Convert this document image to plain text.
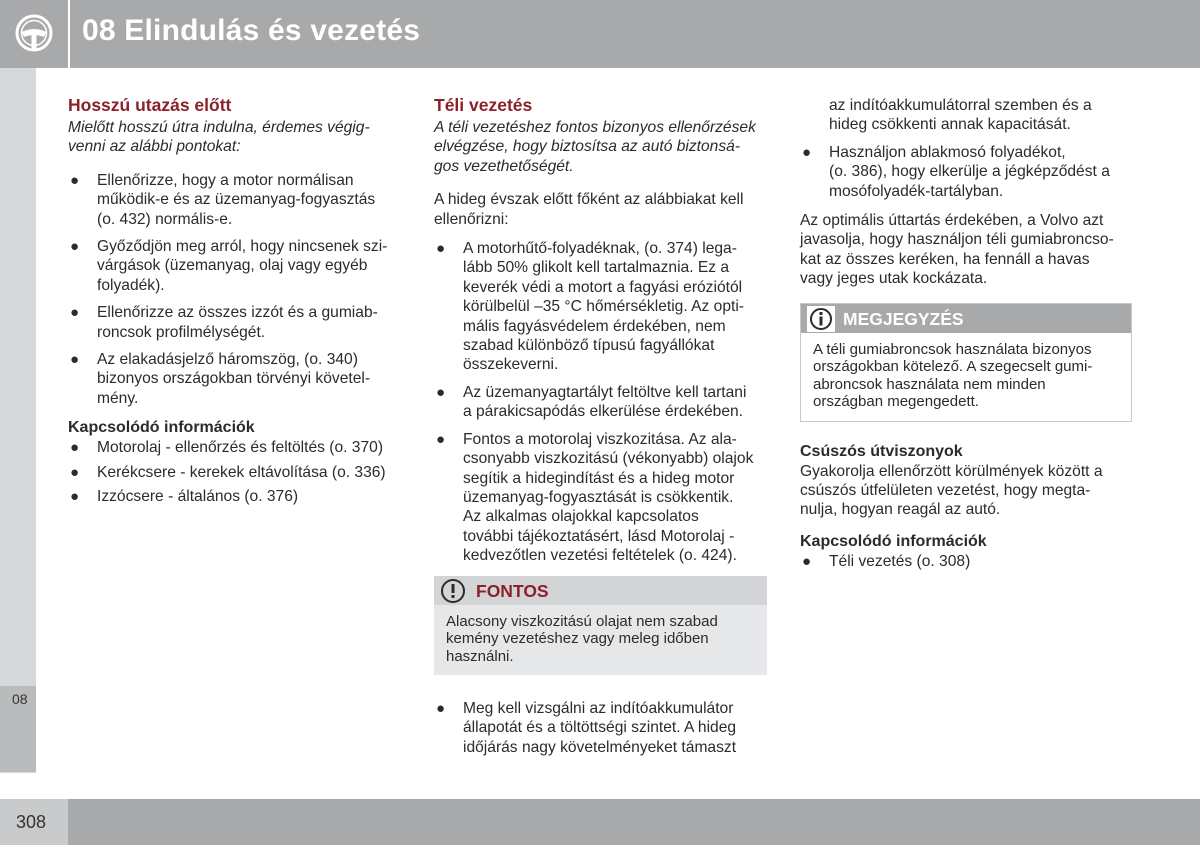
08 Elindulás és vezetés
08
308
Hosszú utazás előtt
Mielőtt hosszú útra indulna, érdemes végig-
venni az alábbi pontokat:
● Ellenőrizze, hogy a motor normálisan
működik-e és az üzemanyag-fogyasztás
(o. 432) normális-e.
● Győződjön meg arról, hogy nincsenek szi-
várgások (üzemanyag, olaj vagy egyéb
folyadék).
● Ellenőrizze az összes izzót és a gumiab-
roncsok profilmélységét.
● Az elakadásjelző háromszög, (o. 340)
bizonyos országokban törvényi követel-
mény.
Kapcsolódó információk
● Motorolaj - ellenőrzés és feltöltés (o. 370)
● Kerékcsere - kerekek eltávolítása (o. 336)
● Izzócsere - általános (o. 376)
Téli vezetés
A téli vezetéshez fontos bizonyos ellenőrzések
elvégzése, hogy biztosítsa az autó biztonsá-
gos vezethetőségét.

A hideg évszak előtt főként az alábbiakat kell
ellenőrizni:

● A motorhűtő-folyadéknak, (o. 374) lega-
lább 50% glikolt kell tartalmaznia. Ez a
keverék védi a motort a fagyási eróziótól
körülbelül –35 °C hőmérsékletig. Az opti-
mális fagyásvédelem érdekében, nem
szabad különböző típusú fagyállókat
összekeverni.
● Az üzemanyagtartályt feltöltve kell tartani
a párakicsapódás elkerülése érdekében.
● Fontos a motorolaj viszkozitása. Az ala-
csonyabb viszkozitású (vékonyabb) olajok
segítik a hidegindítást és a hideg motor
üzemanyag-fogyasztását is csökkentik.
Az alkalmas olajokkal kapcsolatos
további tájékoztatásért, lásd Motorolaj -
kedvezőtlen vezetési feltételek (o. 424).
FONTOS
Alacsony viszkozitású olajat nem szabad
kemény vezetéshez vagy meleg időben
használni.
● Meg kell vizsgálni az indítóakkumulátor
állapotát és a töltöttségi szintet. A hideg
időjárás nagy követelményeket támaszt
az indítóakkumulátorral szemben és a
hideg csökkenti annak kapacitását.
● Használjon ablakmosó folyadékot,
(o. 386), hogy elkerülje a jégképződést a
mosófolyadék-tartályban.

Az optimális úttartás érdekében, a Volvo azt
javasolja, hogy használjon téli gumiabroncso-
kat az összes keréken, ha fennáll a havas
vagy jeges utak kockázata.

MEGJEGYZÉS
A téli gumiabroncsok használata bizonyos
országokban kötelező. A szegecselt gumi-
abroncsok használata nem minden
országban megengedett.
Csúszós útviszonyok

Gyakorolja ellenőrzött körülmények között a
csúszós útfelületen vezetést, hogy megta-
nulja, hogyan reagál az autó.

Kapcsolódó információk
● Téli vezetés (o. 308)
